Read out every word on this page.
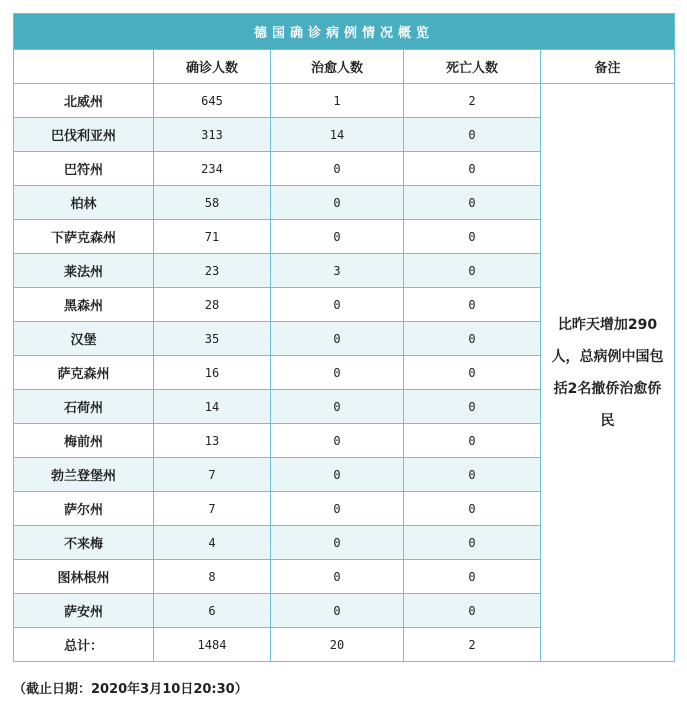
德国确诊病例情况概览				
	确诊人数	治愈人数	死亡人数	备注
北威州	645	1	2	比昨天增加290人，总病例中国包括2名撤侨治愈侨民
巴伐利亚州	313	14	0	
巴符州	234	0	0	
柏林	58	0	0	
下萨克森州	71	0	0	
莱法州	23	3	0	
黑森州	28	0	0	
汉堡	35	0	0	
萨克森州	16	0	0	
石荷州	14	0	0	
梅前州	13	0	0	
勃兰登堡州	7	0	0	
萨尔州	7	0	0	
不来梅	4	0	0	
图林根州	8	0	0	
萨安州	6	0	0	
总计：	1484	20	2	
（截止日期：2020年3月10日20:30）
